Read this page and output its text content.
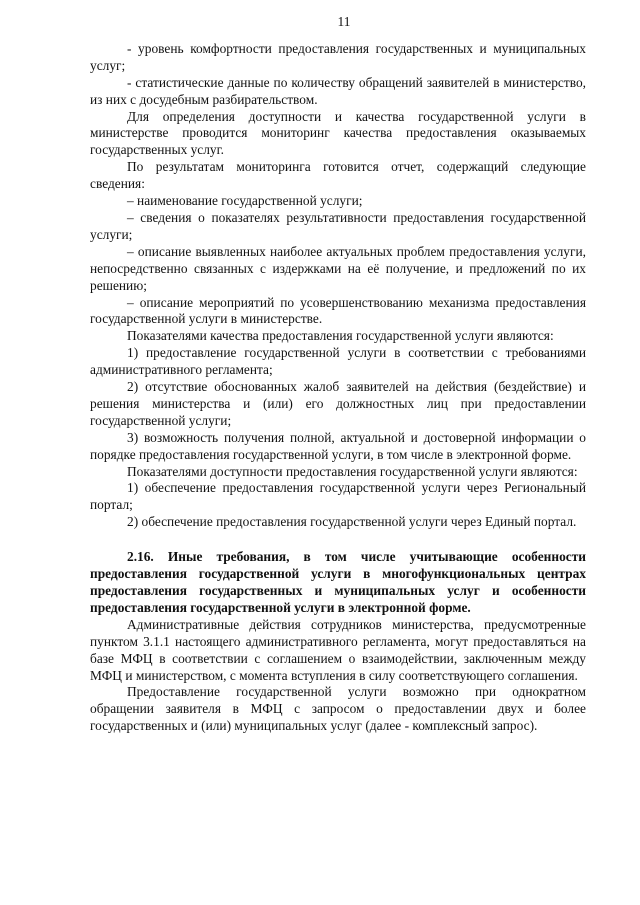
11

- уровень комфортности предоставления государственных и муниципальных услуг;

- статистические данные по количеству обращений заявителей в министерство, из них с досудебным разбирательством.

Для определения доступности и качества государственной услуги в министерстве проводится мониторинг качества предоставления оказываемых государственных услуг.

По результатам мониторинга готовится отчет, содержащий следующие сведения:

– наименование государственной услуги;

– сведения о показателях результативности предоставления государственной услуги;

– описание выявленных наиболее актуальных проблем предоставления услуги, непосредственно связанных с издержками на её получение, и предложений по их решению;

– описание мероприятий по усовершенствованию механизма предоставления государственной услуги в министерстве.

Показателями качества предоставления государственной услуги являются:

1) предоставление государственной услуги в соответствии с требованиями административного регламента;

2) отсутствие обоснованных жалоб заявителей на действия (бездействие) и решения министерства и (или) его должностных лиц при предоставлении государственной услуги;

3) возможность получения полной, актуальной и достоверной информации о порядке предоставления государственной услуги, в том числе в электронной форме.

Показателями доступности предоставления государственной услуги являются:

1) обеспечение предоставления государственной услуги через Региональный портал;

2) обеспечение предоставления государственной услуги через Единый портал.

2.16. Иные требования, в том числе учитывающие особенности предоставления государственной услуги в многофункциональных центрах предоставления государственных и муниципальных услуг и особенности предоставления государственной услуги в электронной форме.

Административные действия сотрудников министерства, предусмотренные пунктом 3.1.1 настоящего административного регламента, могут предоставляться на базе МФЦ в соответствии с соглашением о взаимодействии, заключенным между МФЦ и министерством, с момента вступления в силу соответствующего соглашения.

Предоставление государственной услуги возможно при однократном обращении заявителя в МФЦ с запросом о предоставлении двух и более государственных и (или) муниципальных услуг (далее - комплексный запрос).
